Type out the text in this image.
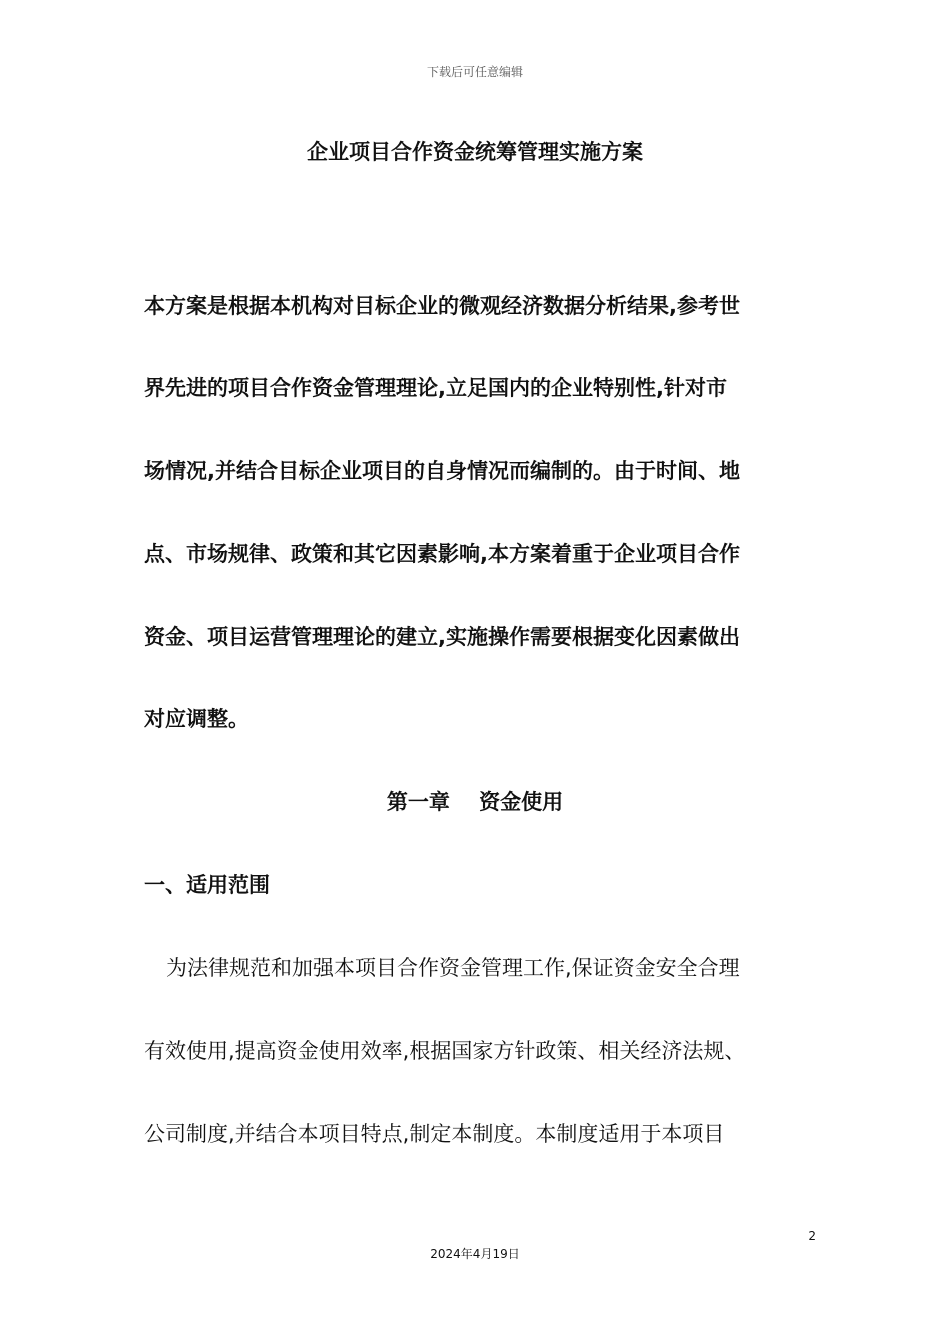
下载后可任意编辑
企业项目合作资金统筹管理实施方案
本方案是根据本机构对目标企业的微观经济数据分析结果,参考世
界先进的项目合作资金管理理论,立足国内的企业特别性,针对市
场情况,并结合目标企业项目的自身情况而编制的。由于时间、地
点、市场规律、政策和其它因素影响,本方案着重于企业项目合作
资金、项目运营管理理论的建立,实施操作需要根据变化因素做出
对应调整。
第一章    资金使用
一、适用范围
为法律规范和加强本项目合作资金管理工作,保证资金安全合理
有效使用,提高资金使用效率,根据国家方针政策、相关经济法规、
公司制度,并结合本项目特点,制定本制度。本制度适用于本项目
2
2024年4月19日
